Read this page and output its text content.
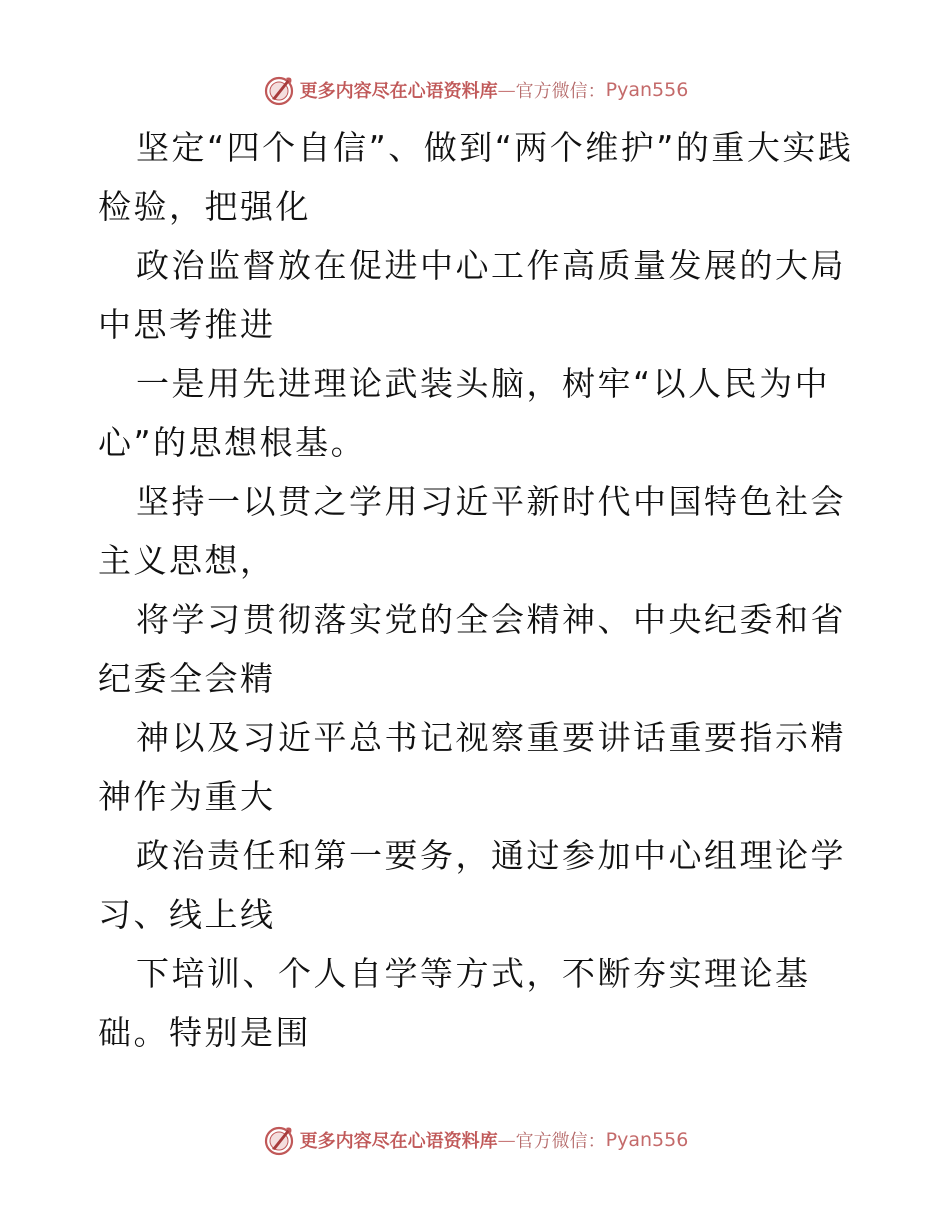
更多内容尽在心语资料库 — 官方微信： Pyan556

坚定“四个自信”、做到“两个维护”的重大实践检验，把强化

政治监督放在促进中心工作高质量发展的大局中思考推进

一是用先进理论武装头脑，树牢“以人民为中心”的思想根基。

坚持一以贯之学用习近平新时代中国特色社会主义思想，

将学习贯彻落实党的全会精神、中央纪委和省纪委全会精

神以及习近平总书记视察重要讲话重要指示精神作为重大

政治责任和第一要务，通过参加中心组理论学习、线上线

下培训、个人自学等方式，不断夯实理论基础。特别是围

更多内容尽在心语资料库 — 官方微信： Pyan556
